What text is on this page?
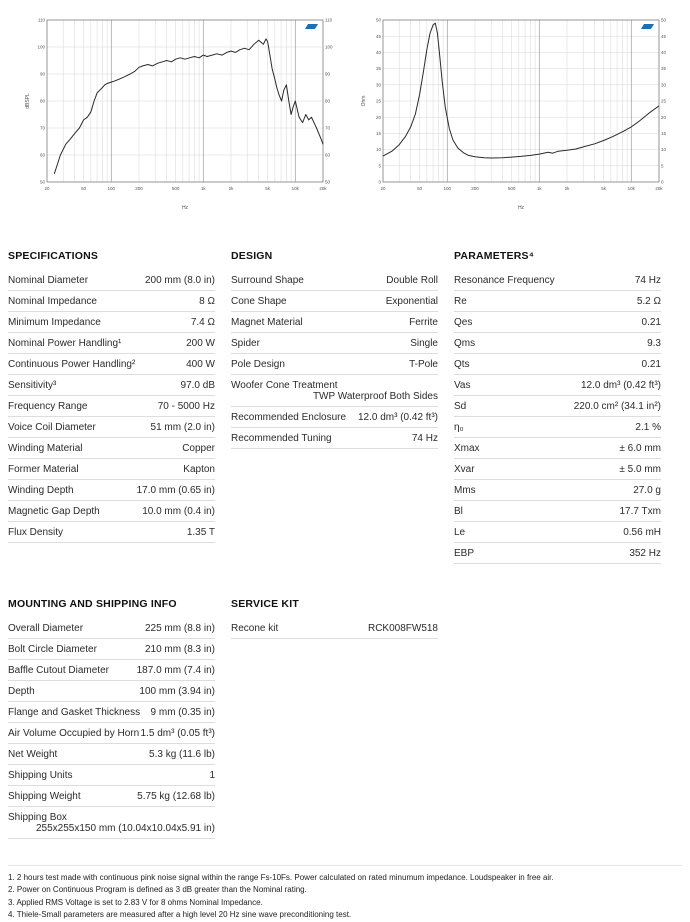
20	50	100	200	500	1k	2k	5k	10k	20k
50	50
60	60
70	70
80	80
90	90
100	100
110	110
dBSPL
Hz
20	50	100	200	500	1k	2k	5k	10k	20k
0	0
5	5
10	10
15	15
20	20
25	25
30	30
35	35
40	40
45	45
50	50
Ohm
Hz
SPECIFICATIONS
Nominal Diameter	200 mm (8.0 in)
Nominal Impedance	8 Ω
Minimum Impedance	7.4 Ω
Nominal Power Handling¹	200 W
Continuous Power Handling²	400 W
Sensitivity³	97.0 dB
Frequency Range	70 - 5000 Hz
Voice Coil Diameter	51 mm (2.0 in)
Winding Material	Copper
Former Material	Kapton
Winding Depth	17.0 mm (0.65 in)
Magnetic Gap Depth	10.0 mm (0.4 in)
Flux Density	1.35 T
DESIGN
Surround Shape	Double Roll
Cone Shape	Exponential
Magnet Material	Ferrite
Spider	Single
Pole Design	T-Pole
Woofer Cone Treatment
TWP Waterproof Both Sides
Recommended Enclosure 12.0 dm³ (0.42 ft³)
Recommended Tuning	74 Hz
PARAMETERS⁴
Resonance Frequency	74 Hz
Re	5.2 Ω
Qes	0.21
Qms	9.3
Qts	0.21
Vas	12.0 dm³ (0.42 ft³)
Sd	220.0 cm² (34.1 in²)
η₀	2.1 %
Xmax	± 6.0 mm
Xvar	± 5.0 mm
Mms	27.0 g
Bl	17.7 Txm
Le	0.56 mH
EBP	352 Hz
MOUNTING AND SHIPPING INFO
Overall Diameter	225 mm (8.8 in)
Bolt Circle Diameter	210 mm (8.3 in)
Baffle Cutout Diameter	187.0 mm (7.4 in)
Depth	100 mm (3.94 in)
Flange and Gasket Thickness 9 mm (0.35 in)
Air Volume Occupied by Horn 1.5 dm³ (0.05 ft³)
Net Weight	5.3 kg (11.6 lb)
Shipping Units	1
Shipping Weight	5.75 kg (12.68 lb)
Shipping Box
255x255x150 mm (10.04x10.04x5.91 in)
SERVICE KIT
Recone kit	RCK008FW518
1. 2 hours test made with continuous pink noise signal within the range Fs-10Fs. Power calculated on rated minumum impedance. Loudspeaker in free air.
2. Power on Continuous Program is defined as 3 dB greater than the Nominal rating.
3. Applied RMS Voltage is set to 2.83 V for 8 ohms Nominal Impedance.
4. Thiele-Small parameters are measured after a high level 20 Hz sine wave preconditioning test.
